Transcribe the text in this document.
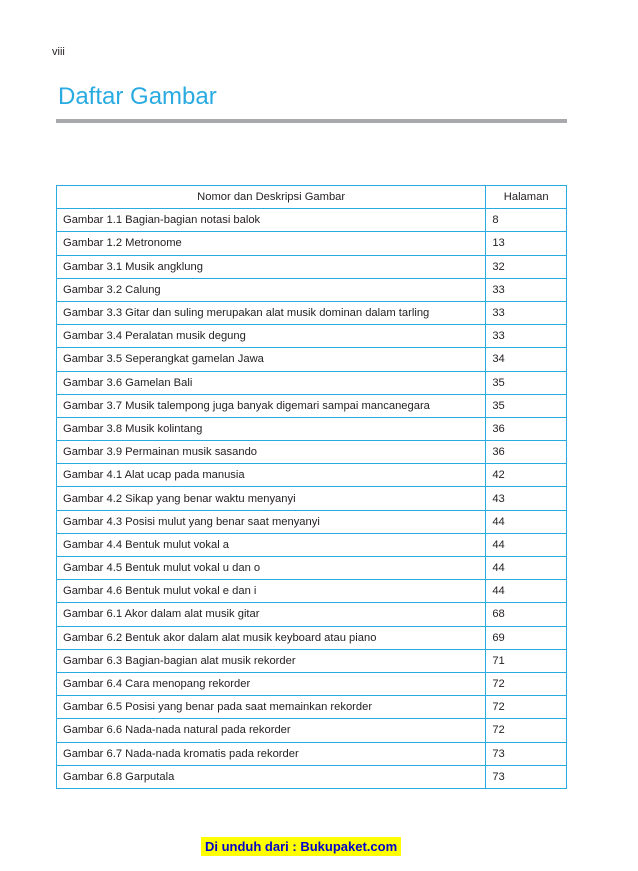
viii
Daftar Gambar
Nomor dan Deskripsi Gambar	Halaman
Gambar 1.1 Bagian-bagian notasi balok	8
Gambar 1.2 Metronome	13
Gambar 3.1 Musik angklung	32
Gambar 3.2 Calung	33
Gambar 3.3 Gitar dan suling merupakan alat musik dominan dalam tarling	33
Gambar 3.4 Peralatan musik degung	33
Gambar 3.5 Seperangkat gamelan Jawa	34
Gambar 3.6 Gamelan Bali	35
Gambar 3.7 Musik talempong juga banyak digemari sampai mancanegara	35
Gambar 3.8 Musik kolintang	36
Gambar 3.9 Permainan musik sasando	36
Gambar 4.1 Alat ucap pada manusia	42
Gambar 4.2 Sikap yang benar waktu menyanyi	43
Gambar 4.3 Posisi mulut yang benar saat menyanyi	44
Gambar 4.4 Bentuk mulut vokal a	44
Gambar 4.5 Bentuk mulut vokal u dan o	44
Gambar 4.6 Bentuk mulut vokal e dan i	44
Gambar 6.1 Akor dalam alat musik gitar	68
Gambar 6.2 Bentuk akor dalam alat musik keyboard atau piano	69
Gambar 6.3 Bagian-bagian alat musik rekorder	71
Gambar 6.4 Cara menopang rekorder	72
Gambar 6.5 Posisi yang benar pada saat memainkan rekorder	72
Gambar 6.6 Nada-nada natural pada rekorder	72
Gambar 6.7 Nada-nada kromatis pada rekorder	73
Gambar 6.8 Garputala	73
Di unduh dari : Bukupaket.com
